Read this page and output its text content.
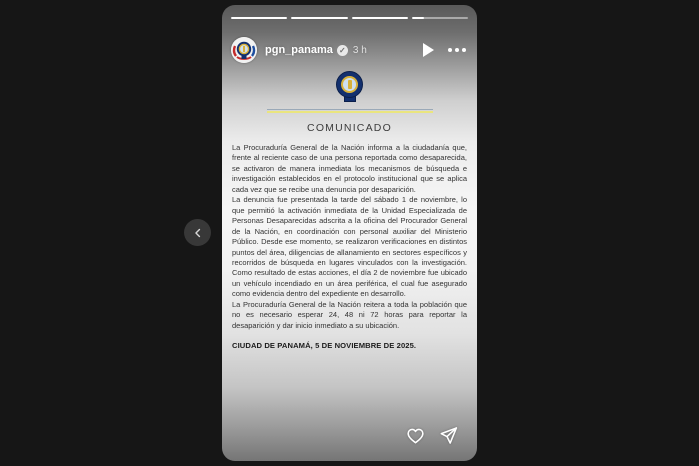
pgn_panama ✓ 3 h
COMUNICADO

La Procuraduría General de la Nación informa a la ciudadanía que, frente al reciente caso de una persona reportada como desaparecida, se activaron de manera inmediata los mecanismos de búsqueda e investigación establecidos en el protocolo institucional que se aplica cada vez que se recibe una denuncia por desaparición.

La denuncia fue presentada la tarde del sábado 1 de noviembre, lo que permitió la activación inmediata de la Unidad Especializada de Personas Desaparecidas adscrita a la oficina del Procurador General de la Nación, en coordinación con personal auxiliar del Ministerio Público. Desde ese momento, se realizaron verificaciones en distintos puntos del área, diligencias de allanamiento en sectores específicos y recorridos de búsqueda en lugares vinculados con la investigación. Como resultado de estas acciones, el día 2 de noviembre fue ubicado un vehículo incendiado en un área periférica, el cual fue asegurado como evidencia dentro del expediente en desarrollo.

La Procuraduría General de la Nación reitera a toda la población que no es necesario esperar 24, 48 ni 72 horas para reportar la desaparición y dar inicio inmediato a su ubicación.

CIUDAD DE PANAMÁ, 5 DE NOVIEMBRE DE 2025.
